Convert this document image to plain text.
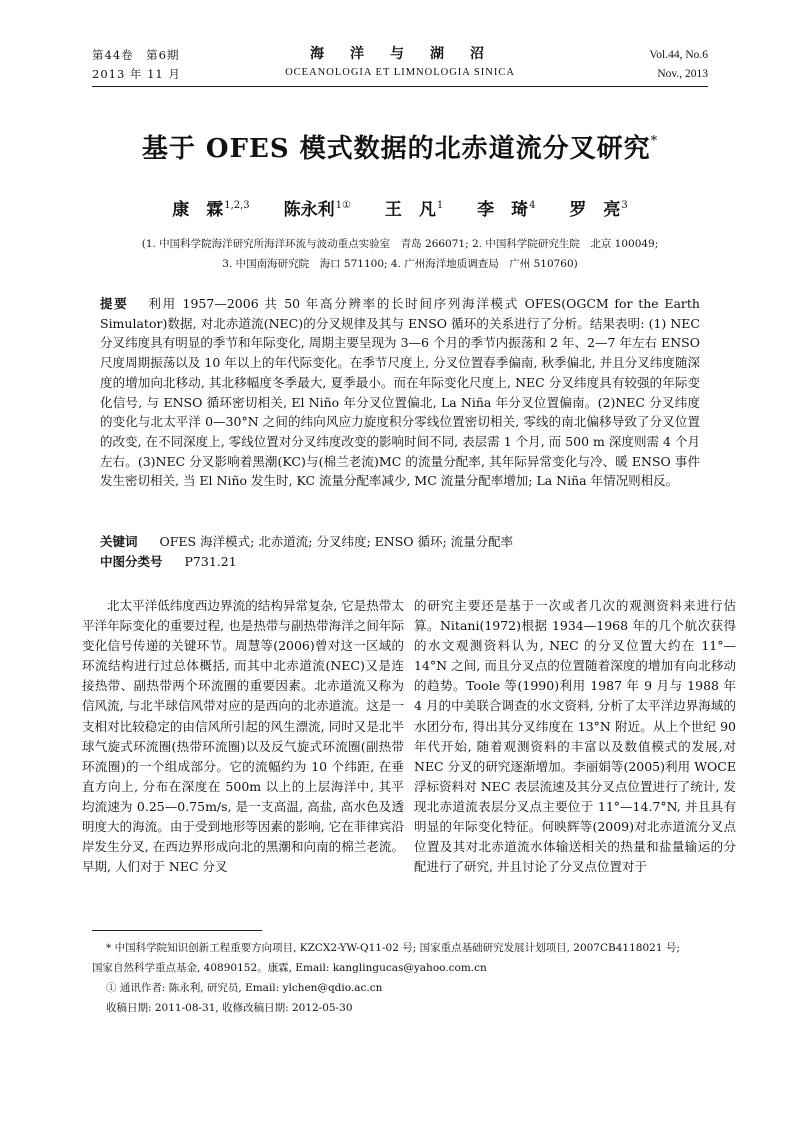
第44卷　第6期
2013 年 11 月
海　洋　与　湖　沼
OCEANOLOGIA ET LIMNOLOGIA SINICA
Vol.44, No.6
Nov., 2013
基于 OFES 模式数据的北赤道流分叉研究*
康　霖$^{1,2,3}$ 陈永利$^{1①}$ 王　凡$^1$ 李　琦$^4$ 罗　亮$^3$
(1. 中国科学院海洋研究所海洋环流与波动重点实验室　青岛 266071; 2. 中国科学院研究生院　北京 100049;
3. 中国南海研究院　海口 571100; 4. 广州海洋地质调查局　广州 510760)
提要 利用 1957—2006 共 50 年高分辨率的长时间序列海洋模式 OFES(OGCM for the Earth Simulator)数据, 对北赤道流(NEC)的分叉规律及其与 ENSO 循环的关系进行了分析。结果表明: (1) NEC 分叉纬度具有明显的季节和年际变化, 周期主要呈现为 3—6 个月的季节内振荡和 2 年、2—7 年左右 ENSO 尺度周期振荡以及 10 年以上的年代际变化。在季节尺度上, 分叉位置春季偏南, 秋季偏北, 并且分叉纬度随深度的增加向北移动, 其北移幅度冬季最大, 夏季最小。而在年际变化尺度上, NEC 分叉纬度具有较强的年际变化信号, 与 ENSO 循环密切相关, El Niño 年分叉位置偏北, La Niña 年分叉位置偏南。(2)NEC 分叉纬度的变化与北太平洋 0—30°N 之间的纬向风应力旋度积分零线位置密切相关, 零线的南北偏移导致了分叉位置的改变, 在不同深度上, 零线位置对分叉纬度改变的影响时间不同, 表层需 1 个月, 而 500 m 深度则需 4 个月左右。(3)NEC 分叉影响着黑潮(KC)与(棉兰老流)MC 的流量分配率, 其年际异常变化与冷、暖 ENSO 事件发生密切相关, 当 El Niño 发生时, KC 流量分配率减少, MC 流量分配率增加; La Niña 年情况则相反。
关键词 OFES 海洋模式; 北赤道流; 分叉纬度; ENSO 循环; 流量分配率
中图分类号 P731.21

北太平洋低纬度西边界流的结构异常复杂, 它是热带太平洋年际变化的重要过程, 也是热带与副热带海洋之间年际变化信号传递的关键环节。周慧等(2006)曾对这一区域的环流结构进行过总体概括, 而其中北赤道流(NEC)又是连接热带、副热带两个环流圈的重要因素。北赤道流又称为信风流, 与北半球信风带对应的是西向的北赤道流。这是一支相对比较稳定的由信风所引起的风生漂流, 同时又是北半球气旋式环流圈(热带环流圈)以及反气旋式环流圈(副热带环流圈)的一个组成部分。它的流幅约为 10 个纬距, 在垂直方向上, 分布在深度在 500m 以上的上层海洋中, 其平均流速为 0.25—0.75m/s, 是一支高温, 高盐, 高水色及透明度大的海流。由于受到地形等因素的影响, 它在菲律宾沿岸发生分叉, 在西边界形成向北的黑潮和向南的棉兰老流。早期, 人们对于 NEC 分叉

的研究主要还是基于一次或者几次的观测资料来进行估算。Nitani(1972)根据 1934—1968 年的几个航次获得的水文观测资料认为, NEC 的分叉位置大约在 11°—14°N 之间, 而且分叉点的位置随着深度的增加有向北移动的趋势。Toole 等(1990)利用 1987 年 9 月与 1988 年 4 月的中美联合调查的水文资料, 分析了太平洋边界海域的水团分布, 得出其分叉纬度在 13°N 附近。从上个世纪 90 年代开始, 随着观测资料的丰富以及数值模式的发展,对 NEC 分叉的研究逐渐增加。李丽娟等(2005)利用 WOCE 浮标资料对 NEC 表层流速及其分叉点位置进行了统计, 发现北赤道流表层分叉点主要位于 11°—14.7°N, 并且具有明显的年际变化特征。何映辉等(2009)对北赤道流分叉点位置及其对北赤道流水体输送相关的热量和盐量输运的分配进行了研究, 并且讨论了分叉点位置对于

* 中国科学院知识创新工程重要方向项目, KZCX2-YW-Q11-02 号; 国家重点基础研究发展计划项目, 2007CB4118021 号;
国家自然科学重点基金, 40890152。康霖, Email: kanglingucas@yahoo.com.cn
① 通讯作者: 陈永利, 研究员, Email: ylchen@qdio.ac.cn
收稿日期: 2011-08-31, 收修改稿日期: 2012-05-30
